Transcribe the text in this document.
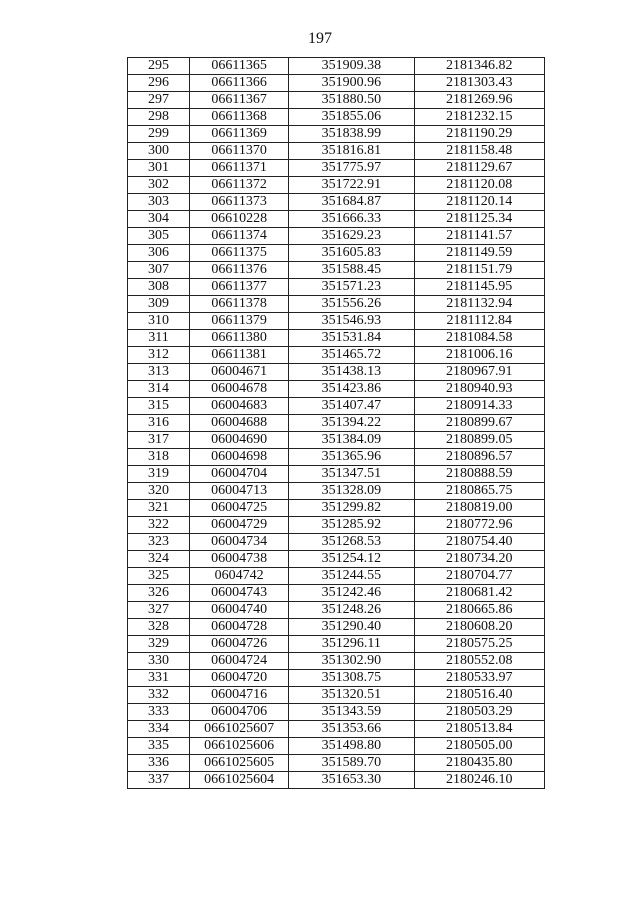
197
295	06611365	351909.38	2181346.82
296	06611366	351900.96	2181303.43
297	06611367	351880.50	2181269.96
298	06611368	351855.06	2181232.15
299	06611369	351838.99	2181190.29
300	06611370	351816.81	2181158.48
301	06611371	351775.97	2181129.67
302	06611372	351722.91	2181120.08
303	06611373	351684.87	2181120.14
304	06610228	351666.33	2181125.34
305	06611374	351629.23	2181141.57
306	06611375	351605.83	2181149.59
307	06611376	351588.45	2181151.79
308	06611377	351571.23	2181145.95
309	06611378	351556.26	2181132.94
310	06611379	351546.93	2181112.84
311	06611380	351531.84	2181084.58
312	06611381	351465.72	2181006.16
313	06004671	351438.13	2180967.91
314	06004678	351423.86	2180940.93
315	06004683	351407.47	2180914.33
316	06004688	351394.22	2180899.67
317	06004690	351384.09	2180899.05
318	06004698	351365.96	2180896.57
319	06004704	351347.51	2180888.59
320	06004713	351328.09	2180865.75
321	06004725	351299.82	2180819.00
322	06004729	351285.92	2180772.96
323	06004734	351268.53	2180754.40
324	06004738	351254.12	2180734.20
325	0604742	351244.55	2180704.77
326	06004743	351242.46	2180681.42
327	06004740	351248.26	2180665.86
328	06004728	351290.40	2180608.20
329	06004726	351296.11	2180575.25
330	06004724	351302.90	2180552.08
331	06004720	351308.75	2180533.97
332	06004716	351320.51	2180516.40
333	06004706	351343.59	2180503.29
334	0661025607	351353.66	2180513.84
335	0661025606	351498.80	2180505.00
336	0661025605	351589.70	2180435.80
337	0661025604	351653.30	2180246.10
